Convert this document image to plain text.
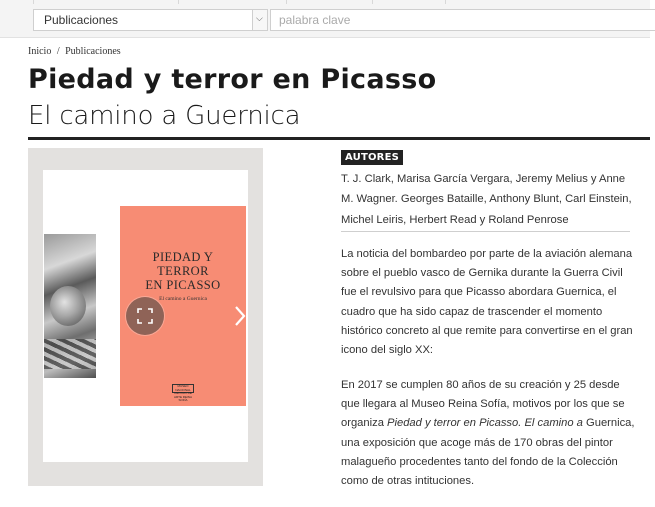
Publicaciones	⌵
palabra clave
Inicio / Publicaciones
Piedad y terror en Picasso
El camino a Guernica
PIEDAD Y
TERROR
EN PICASSO
El camino a Guernica
MUSEO NACIONAL CENTRO DE ARTE REINA SOFÍA
AUTORES

T. J. Clark, Marisa García Vergara, Jeremy Melius y Anne M. Wagner. Georges Bataille, Anthony Blunt, Carl Einstein, Michel Leiris, Herbert Read y Roland Penrose

La noticia del bombardeo por parte de la aviación alemana sobre el pueblo vasco de Gernika durante la Guerra Civil fue el revulsivo para que Picasso abordara Guernica, el cuadro que ha sido capaz de trascender el momento histórico concreto al que remite para convertirse en el gran icono del siglo XX:

En 2017 se cumplen 80 años de su creación y 25 desde que llegara al Museo Reina Sofía, motivos por los que se organiza Piedad y terror en Picasso. El camino a Guernica, una exposición que acoge más de 170 obras del pintor malagueño procedentes tanto del fondo de la Colección como de otras intituciones.
